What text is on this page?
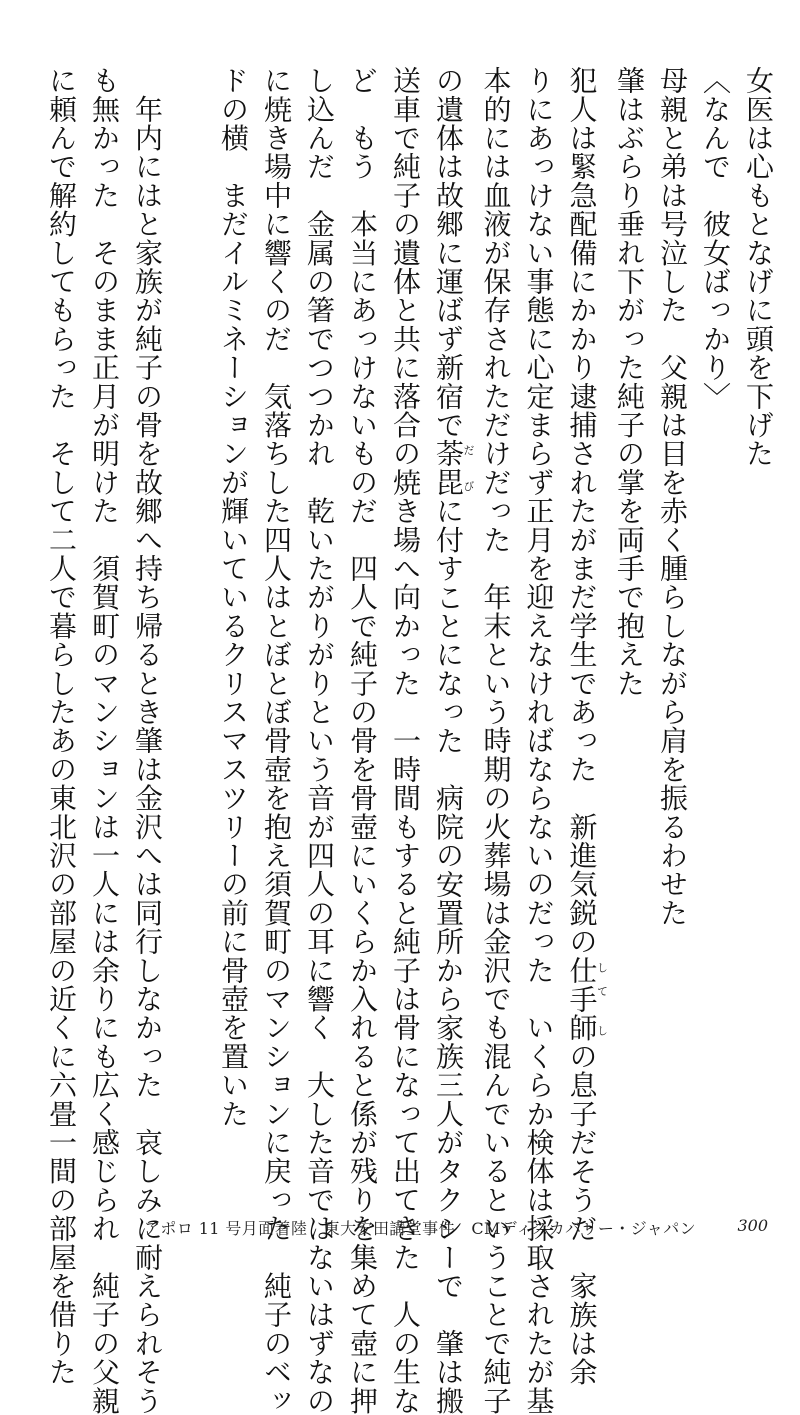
女医は心もとなげに頭を下げた
〈なんで　彼女ばっかり〉
母親と弟は号泣した　父親は目を赤く腫らしながら肩を振るわせた
肇はぶらり垂れ下がった純子の掌を両手で抱えた
犯人は緊急配備にかかり逮捕されたがまだ学生であった　新進気鋭の仕手師して しの息子だそうだ　家族は余
りにあっけない事態に心定まらず正月を迎えなければならないのだった　いくらか検体は採取されたが基
本的には血液が保存されただけだった　年末という時期の火葬場は金沢でも混んでいるということで純子
の遺体は故郷に運ばず新宿で荼毘だ びに付すことになった　病院の安置所から家族三人がタクシーで　肇は搬
送車で純子の遺体と共に落合の焼き場へ向かった　一時間もすると純子は骨になって出てきた　人の生な
ど　もう　本当にあっけないものだ　四人で純子の骨を骨壺にいくらか入れると係が残りを集めて壺に押
し込んだ　金属の箸でつつかれ　乾いたがりがりという音が四人の耳に響く　大した音ではないはずなの
に焼き場中に響くのだ　気落ちした四人はとぼとぼ骨壺を抱え須賀町のマンションに戻った　純子のベッ
ドの横　まだイルミネーションが輝いているクリスマスツリーの前に骨壺を置いた
　年内にはと家族が純子の骨を故郷へ持ち帰るとき肇は金沢へは同行しなかった　哀しみに耐えられそう
も無かった　そのまま正月が明けた　須賀町のマンションは一人には余りにも広く感じられ　純子の父親
に頼んで解約してもらった　そして二人で暮らしたあの東北沢の部屋の近くに六畳一間の部屋を借りた	アポロ 11 号月面着陸　東大安田講堂事件　CMディスカバリー・ジャパン	300
